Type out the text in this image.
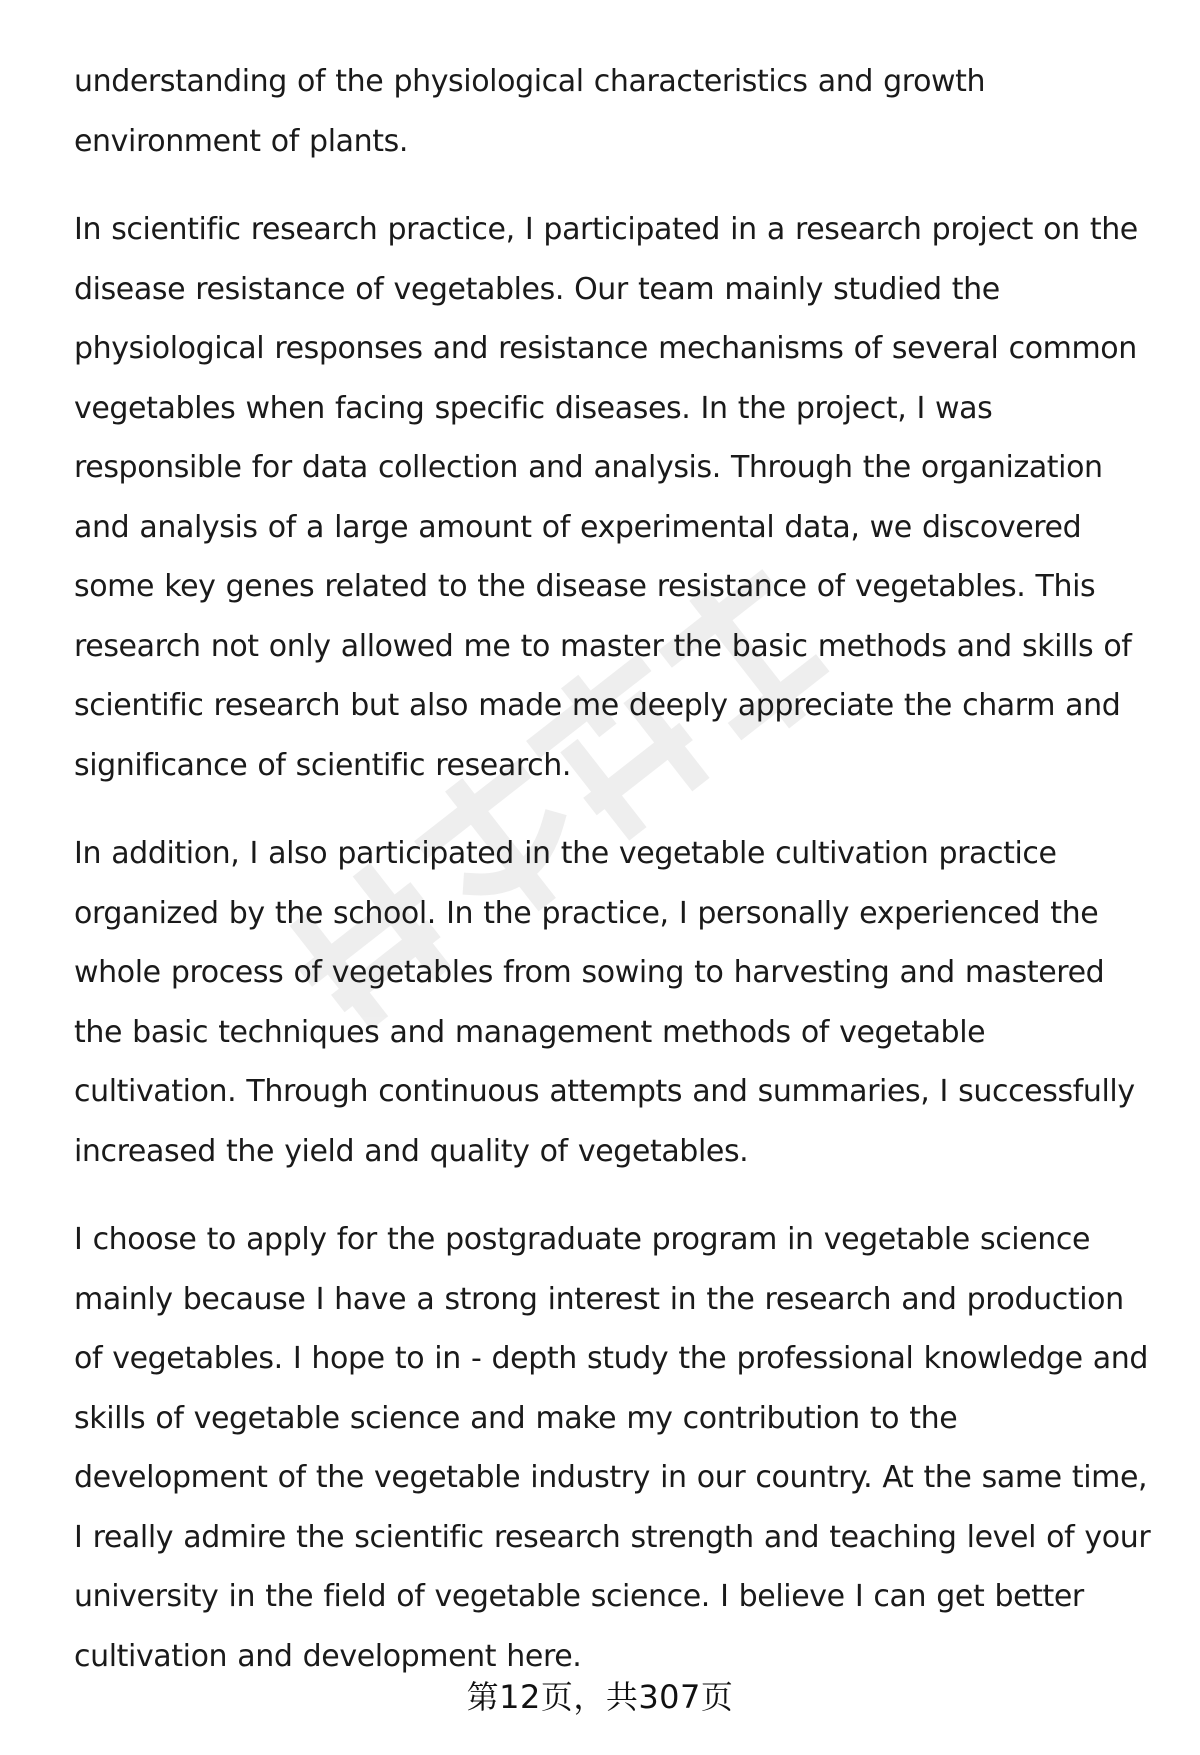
understanding of the physiological characteristics and growth environment of plants.

In scientific research practice, I participated in a research project on the disease resistance of vegetables. Our team mainly studied the physiological responses and resistance mechanisms of several common vegetables when facing specific diseases. In the project, I was responsible for data collection and analysis. Through the organization and analysis of a large amount of experimental data, we discovered some key genes related to the disease resistance of vegetables. This research not only allowed me to master the basic methods and skills of scientific research but also made me deeply appreciate the charm and significance of scientific research.

In addition, I also participated in the vegetable cultivation practice organized by the school. In the practice, I personally experienced the whole process of vegetables from sowing to harvesting and mastered the basic techniques and management methods of vegetable cultivation. Through continuous attempts and summaries, I successfully increased the yield and quality of vegetables.

I choose to apply for the postgraduate program in vegetable science mainly because I have a strong interest in the research and production of vegetables. I hope to in - depth study the professional knowledge and skills of vegetable science and make my contribution to the development of the vegetable industry in our country. At the same time, I really admire the scientific research strength and teaching level of your university in the field of vegetable science. I believe I can get better cultivation and development here.

第12页，共307页
